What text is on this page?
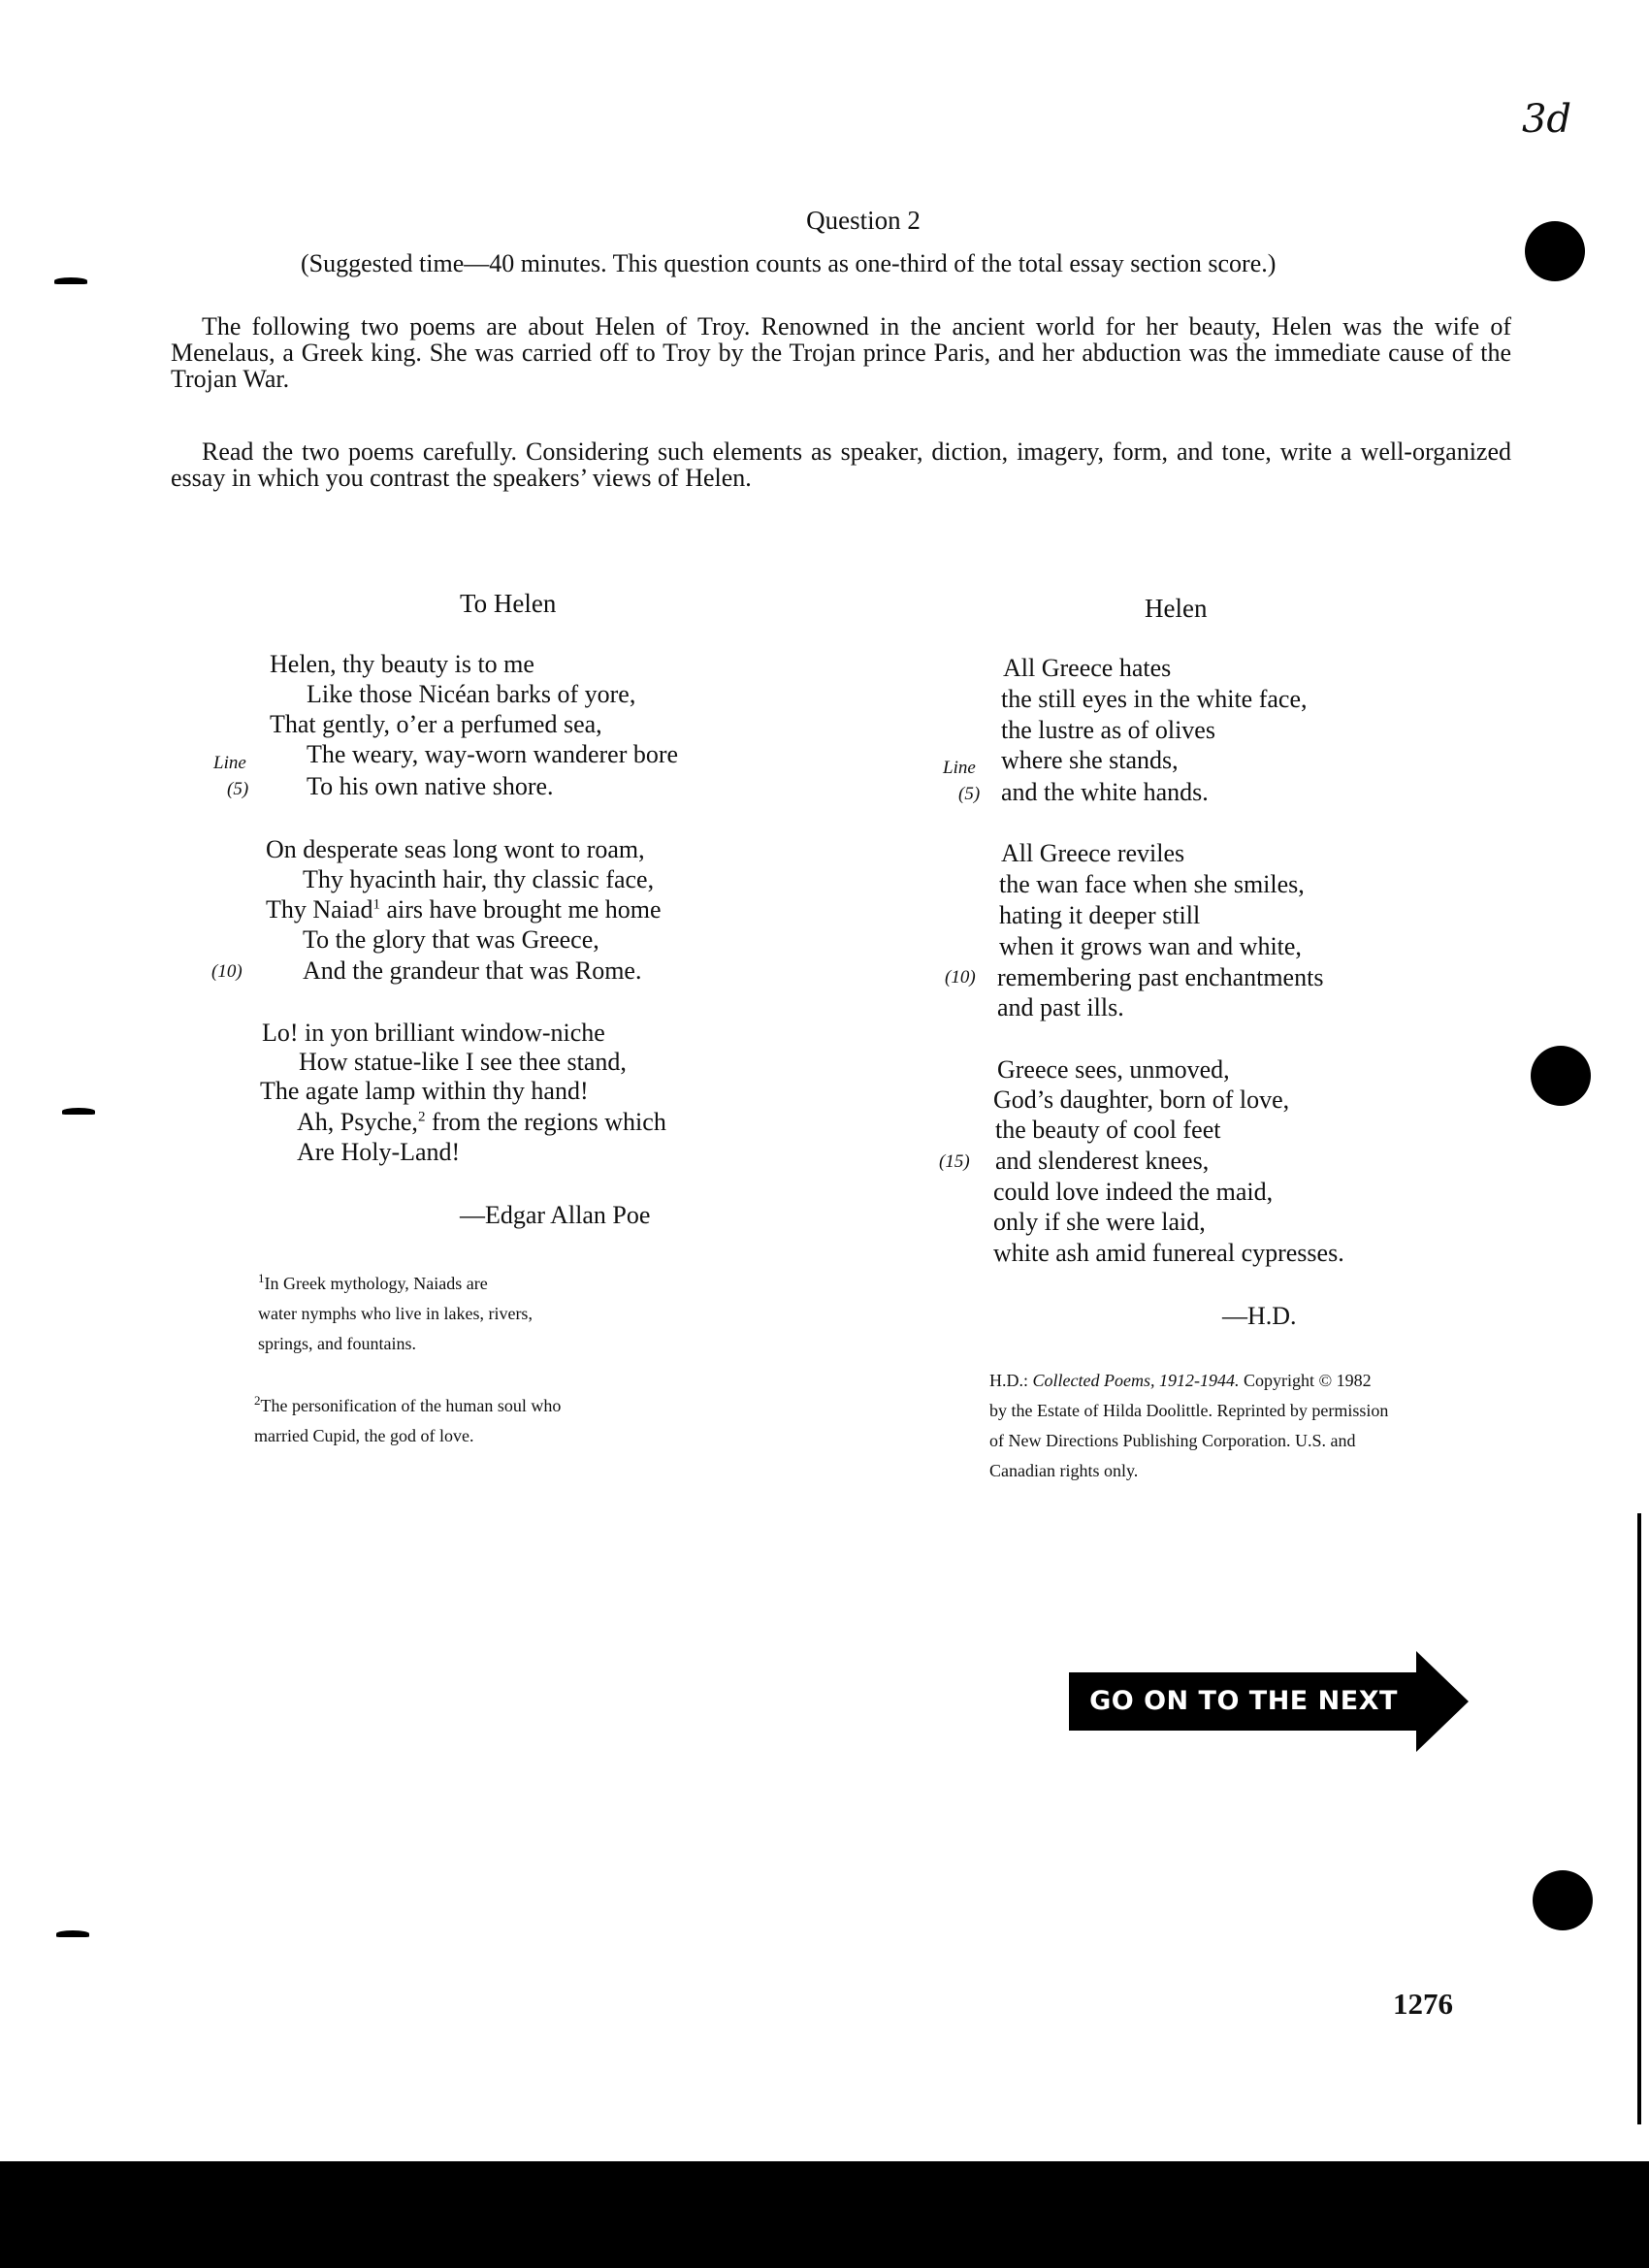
3d
Question 2
(Suggested time—40 minutes. This question counts as one-third of the total essay section score.)
The following two poems are about Helen of Troy. Renowned in the ancient world for her beauty, Helen was the wife of Menelaus, a Greek king. She was carried off to Troy by the Trojan prince Paris, and her abduction was the immediate cause of the Trojan War.
Read the two poems carefully. Considering such elements as speaker, diction, imagery, form, and tone, write a well-organized essay in which you contrast the speakers’ views of Helen.
To Helen
Helen, thy beauty is to me
Like those Nicéan barks of yore,
That gently, o’er a perfumed sea,
The weary, way-worn wanderer bore
To his own native shore.
On desperate seas long wont to roam,
Thy hyacinth hair, thy classic face,
Thy Naiad$^1$ airs have brought me home
To the glory that was Greece,
And the grandeur that was Rome.
Lo! in yon brilliant window-niche
How statue-like I see thee stand,
The agate lamp within thy hand!
Ah, Psyche,$^2$ from the regions which
Are Holy-Land!
Line
(5)
(10)
—Edgar Allan Poe
$^1$In Greek mythology, Naiads are
water nymphs who live in lakes, rivers,
springs, and fountains.
$^2$The personification of the human soul who
married Cupid, the god of love.
Helen
All Greece hates
the still eyes in the white face,
the lustre as of olives
where she stands,
and the white hands.
All Greece reviles
the wan face when she smiles,
hating it deeper still
when it grows wan and white,
remembering past enchantments
and past ills.
Greece sees, unmoved,
God’s daughter, born of love,
the beauty of cool feet
and slenderest knees,
could love indeed the maid,
only if she were laid,
white ash amid funereal cypresses.
Line
(5)
(10)
(15)
—H.D.
H.D.: Collected Poems, 1912-1944. Copyright © 1982
by the Estate of Hilda Doolittle. Reprinted by permission
of New Directions Publishing Corporation. U.S. and
Canadian rights only.
GO ON TO THE NEXT PAGE
1276
